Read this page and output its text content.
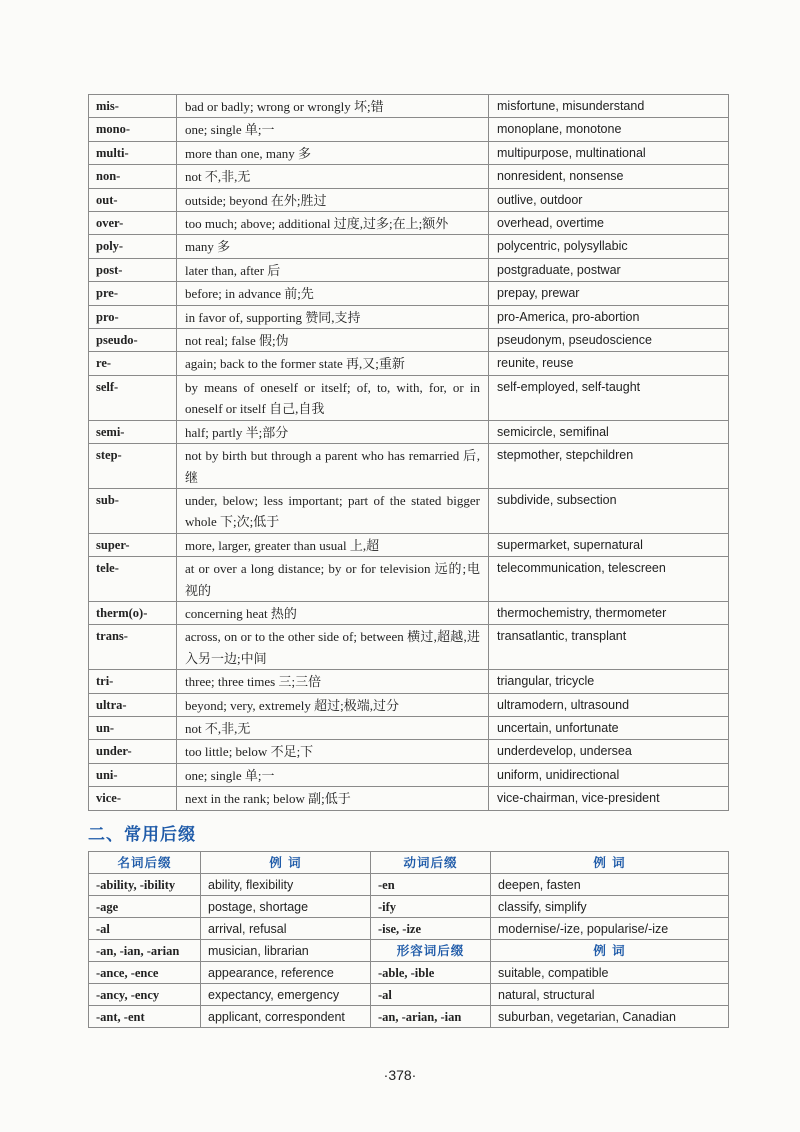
mis-	bad or badly; wrong or wrongly 坏;错	misfortune, misunderstand
mono-	one; single 单;一	monoplane, monotone
multi-	more than one, many 多	multipurpose, multinational
non-	not 不,非,无	nonresident, nonsense
out-	outside; beyond 在外;胜过	outlive, outdoor
over-	too much; above; additional 过度,过多;在上;额外	overhead, overtime
poly-	many 多	polycentric, polysyllabic
post-	later than, after 后	postgraduate, postwar
pre-	before; in advance 前;先	prepay, prewar
pro-	in favor of, supporting 赞同,支持	pro-America, pro-abortion
pseudo-	not real; false 假;伪	pseudonym, pseudoscience
re-	again; back to the former state 再,又;重新	reunite, reuse
self-	by means of oneself or itself; of, to, with, for, or in oneself or itself 自己,自我	self-employed, self-taught
semi-	half; partly 半;部分	semicircle, semifinal
step-	not by birth but through a parent who has remarried 后,继	stepmother, stepchildren
sub-	under, below; less important; part of the stated bigger whole 下;次;低于	subdivide, subsection
super-	more, larger, greater than usual 上,超	supermarket, supernatural
tele-	at or over a long distance; by or for television 远的;电视的	telecommunication, telescreen
therm(o)-	concerning heat 热的	thermochemistry, thermometer
trans-	across, on or to the other side of; between 横过,超越,进入另一边;中间	transatlantic, transplant
tri-	three; three times 三;三倍	triangular, tricycle
ultra-	beyond; very, extremely 超过;极端,过分	ultramodern, ultrasound
un-	not 不,非,无	uncertain, unfortunate
under-	too little; below 不足;下	underdevelop, undersea
uni-	one; single 单;一	uniform, unidirectional
vice-	next in the rank; below 副;低于	vice-chairman, vice-president
二、常用后缀
名词后缀	例 词	动词后缀	例 词
-ability, -ibility	ability, flexibility	-en	deepen, fasten
-age	postage, shortage	-ify	classify, simplify
-al	arrival, refusal	-ise, -ize	modernise/-ize, popularise/-ize
-an, -ian, -arian	musician, librarian	形容词后缀	例 词
-ance, -ence	appearance, reference	-able, -ible	suitable, compatible
-ancy, -ency	expectancy, emergency	-al	natural, structural
-ant, -ent	applicant, correspondent	-an, -arian, -ian	suburban, vegetarian, Canadian
·378·
